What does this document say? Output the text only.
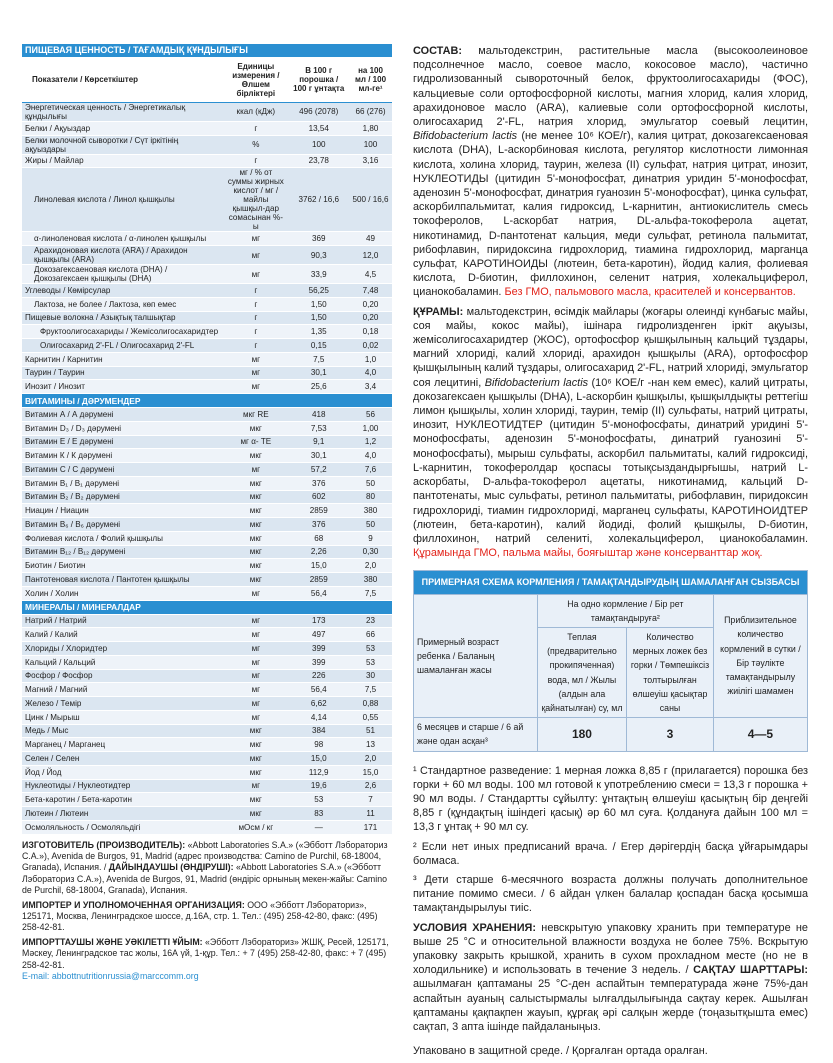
ПИЩЕВАЯ ЦЕННОСТЬ / ТАҒАМДЫҚ ҚҰНДЫЛЫҒЫ			
Показатели / Көрсеткіштер	Единицы измерения / Өлшем бірліктері	В 100 г порошка / 100 г ұнтақта	на 100 мл / 100 мл-ге¹
Энергетическая ценность / Энергетикалық құндылығы	ккал (кДж)	496 (2078)	66 (276)
Белки / Ақуыздар	г	13,54	1,80
Белки молочной сыворотки / Сүт іркітінің ақуыздары	%	100	100
Жиры / Майлар	г	23,78	3,16
Линолевая кислота / Линол қышқылы	мг / % от суммы жирных кислот / мг / майлы қышқыл-дар сомасынан %-ы	3762 / 16,6	500 / 16,6
α-линоленовая кислота / α-линолен қышқылы	мг	369	49
Арахидоновая кислота (ARA) / Арахидон қышқылы (ARA)	мг	90,3	12,0
Докозагексаеновая кислота (DHA) / Докозагексаен қышқылы (DHA)	мг	33,9	4,5
Углеводы / Көмірсулар	г	56,25	7,48
Лактоза, не более / Лактоза, көп емес	г	1,50	0,20
Пищевые волокна / Азықтық талшықтар	г	1,50	0,20
Фруктоолигосахариды / Жемісолигосахаридтер	г	1,35	0,18
Олигосахарид 2'-FL / Олигосахарид 2'-FL	г	0,15	0,02
Карнитин / Карнитин	мг	7,5	1,0
Таурин / Таурин	мг	30,1	4,0
Инозит / Инозит	мг	25,6	3,4
ВИТАМИНЫ / ДӘРУМЕНДЕР			
Витамин А / А дәрумені	мкг RE	418	56
Витамин D₃ / D₃ дәрумені	мкг	7,53	1,00
Витамин Е / Е дәрумені	мг α- TE	9,1	1,2
Витамин К / К дәрумені	мкг	30,1	4,0
Витамин С / С дәрумені	мг	57,2	7,6
Витамин В₁ / В₁ дәрумені	мкг	376	50
Витамин В₂ / В₂ дәрумені	мкг	602	80
Ниацин / Ниацин	мкг	2859	380
Витамин В₆ / В₆ дәрумені	мкг	376	50
Фолиевая кислота / Фолий қышқылы	мкг	68	9
Витамин В₁₂ / В₁₂ дәрумені	мкг	2,26	0,30
Биотин / Биотин	мкг	15,0	2,0
Пантотеновая кислота / Пантотен қышқылы	мкг	2859	380
Холин / Холин	мг	56,4	7,5
МИНЕРАЛЫ / МИНЕРАЛДАР			
Натрий / Натрий	мг	173	23
Калий / Калий	мг	497	66
Хлориды / Хлоридтер	мг	399	53
Кальций / Кальций	мг	399	53
Фосфор / Фосфор	мг	226	30
Магний / Магний	мг	56,4	7,5
Железо / Темір	мг	6,62	0,88
Цинк / Мырыш	мг	4,14	0,55
Медь / Мыс	мкг	384	51
Марганец / Марганец	мкг	98	13
Селен / Селен	мкг	15,0	2,0
Йод / Йод	мкг	112,9	15,0
Нуклеотиды / Нуклеотидтер	мг	19,6	2,6
Бета-каротин / Бета-каротин	мкг	53	7
Лютеин / Лютеин	мкг	83	11
Осмоляльность / Осмоляльдігі	мОсм / кг	—	171

ИЗГОТОВИТЕЛЬ (ПРОИЗВОДИТЕЛЬ): «Abbott Laboratories S.A.» («Эбботт Лэбораториз С.А.»), Avenida de Burgos, 91, Madrid (адрес производства: Camino de Purchil, 68-18004, Granada), Испания. / ДАЙЫНДАУШЫ (ӨНДІРУШІ): «Abbott Laboratories S.A.» («Эбботт Лэбораториз С.А.»), Avenida de Burgos, 91, Madrid (өндіріс орнының мекен-жайы: Camino de Purchil, 68-18004, Granada), Испания.

ИМПОРТЕР И УПОЛНОМОЧЕННАЯ ОРГАНИЗАЦИЯ: ООО «Эбботт Лэбораториз», 125171, Москва, Ленинградское шоссе, д.16А, стр. 1. Тел.: (495) 258-42-80, факс: (495) 258-42-81.

ИМПОРТТАУШЫ ЖӘНЕ УӘКІЛЕТТІ ҰЙЫМ: «Эбботт Лэбораториз» ЖШҚ, Ресей, 125171, Мәскеу, Ленинградское тас жолы, 16А үй, 1-құр. Тел.: + 7 (495) 258-42-80, факс: + 7 (495) 258-42-81.

E-mail: abbottnutritionrussia@marccomm.org

СОСТАВ: мальтодекстрин, растительные масла (высокоолеиновое подсолнечное масло, соевое масло, кокосовое масло), частично гидролизованный сывороточный белок, фруктоолигосахариды (ФОС), кальциевые соли ортофосфорной кислоты, магния хлорид, калия хлорид, арахидоновое масло (ARA), калиевые соли ортофосфорной кислоты, олигосахарид 2'-FL, натрия хлорид, эмульгатор соевый лецитин, Bifidobacterium lactis (не менее 10⁶ КОЕ/г), калия цитрат, докозагексаеновая кислота (DHA), L-аскорбиновая кислота, регулятор кислотности лимонная кислота, холина хлорид, таурин, железа (II) сульфат, натрия цитрат, инозит, НУКЛЕОТИДЫ (цитидин 5'-монофосфат, динатрия уридин 5'-монофосфат, аденозин 5'-монофосфат, динатрия гуанозин 5'-монофосфат), цинка сульфат, аскорбилпальмитат, калия гидроксид, L-карнитин, антиокислитель смесь токоферолов, L-аскорбат натрия, DL-альфа-токоферола ацетат, никотинамид, D-пантотенат кальция, меди сульфат, ретинола пальмитат, рибофлавин, пиридоксина гидрохлорид, тиамина гидрохлорид, марганца сульфат, КАРОТИНОИДЫ (лютеин, бета-каротин), йодид калия, фолиевая кислота, D-биотин, филлохинон, селенит натрия, холекальциферол, цианокобаламин. Без ГМО, пальмового масла, красителей и консервантов.

ҚҰРАМЫ: мальтодекстрин, өсімдік майлары (жоғары олеинді күнбағыс майы, соя майы, кокос майы), ішінара гидролизденген іркіт ақуызы, жемісолигосахаридтер (ЖОС), ортофосфор қышқылының кальций тұздары, магний хлориді, калий хлориді, арахидон қышқылы (ARA), ортофосфор қышқылының калий тұздары, олигосахарид 2'-FL, натрий хлориді, эмульгатор соя лецитині, Bifidobacterium lactis (10⁶ КОЕ/г -нан кем емес), калий цитраты, докозагексаен қышқылы (DHA), L-аскорбин қышқылы, қышқылдықты реттегіш лимон қышқылы, холин хлориді, таурин, темір (II) сульфаты, натрий цитраты, инозит, НУКЛЕОТИДТЕР (цитидин 5'-монофосфаты, динатрий уридині 5'-монофосфаты, аденозин 5'-монофосфаты, динатрий гуанозині 5'-монофосфаты), мырыш сульфаты, аскорбил пальмитаты, калий гидроксиді, L-карнитин, токоферолдар қоспасы тотықсыздандырғышы, натрий L-аскорбаты, D-альфа-токоферол ацетаты, никотинамид, кальций D-пантотенаты, мыс сульфаты, ретинол пальмитаты, рибофлавин, пиридоксин гидрохлориді, тиамин гидрохлориді, марганец сульфаты, КАРОТИНОИДТЕР (лютеин, бета-каротин), калий йодиді, фолий қышқылы, D-биотин, филлохинон, натрий селениті, холекальциферол, цианокобаламин. Құрамында ГМО, пальма майы, бояғыштар және консерванттар жоқ.

ПРИМЕРНАЯ СХЕМА КОРМЛЕНИЯ / ТАМАҚТАНДЫРУДЫҢ ШАМАЛАНҒАН СЫЗБАСЫ			
Примерный возраст ребенка / Баланың шамаланған жасы	На одно кормление / Бір рет тамақтандыруға²		Приблизительное количество кормлений в сутки / Бір тәулікте тамақтандырылу жиілігі шамамен
	Теплая (предварительно прокипяченная) вода, мл / Жылы (алдын ала қайнатылған) су, мл	Количество мерных ложек без горки / Төмпешіксіз толтырылған өлшеуіш қасықтар саны	
6 месяцев и старше / 6 ай және одан асқан³	180	3	4—5

¹ Стандартное разведение: 1 мерная ложка 8,85 г (прилагается) порошка без горки + 60 мл воды. 100 мл готовой к употреблению смеси = 13,3 г порошка + 90 мл воды. / Стандартты сұйылту: ұнтақтың өлшеуіш қасықтың бір деңгейі 8,85 г (құндақтың ішіндегі қасық) әр 60 мл суға. Қолдануға дайын 100 мл = 13,3 г ұнтақ + 90 мл су.

² Если нет иных предписаний врача. / Егер дәрігердің басқа ұйғарымдары болмаса.

³ Дети старше 6-месячного возраста должны получать дополнительное питание помимо смеси. / 6 айдан үлкен балалар қоспадан басқа қосымша тамақтандырылуы тиіс.

УСЛОВИЯ ХРАНЕНИЯ: невскрытую упаковку хранить при температуре не выше 25 °С и относительной влажности воздуха не более 75%. Вскрытую упаковку закрыть крышкой, хранить в сухом прохладном месте (но не в холодильнике) и использовать в течение 3 недель. / САҚТАУ ШАРТТАРЫ: ашылмаған қаптаманы 25 °С-ден аспайтын температурада және 75%-дан аспайтын ауаның салыстырмалы ылғалдылығында сақтау керек. Ашылған қаптаманы қақпақпен жауып, құрғақ әрі салқын жерде (тоңазытқышта емес) сақтап, 3 апта ішінде пайдаланыңыз.

Упаковано в защитной среде. / Қорғалған ортада оралған.
